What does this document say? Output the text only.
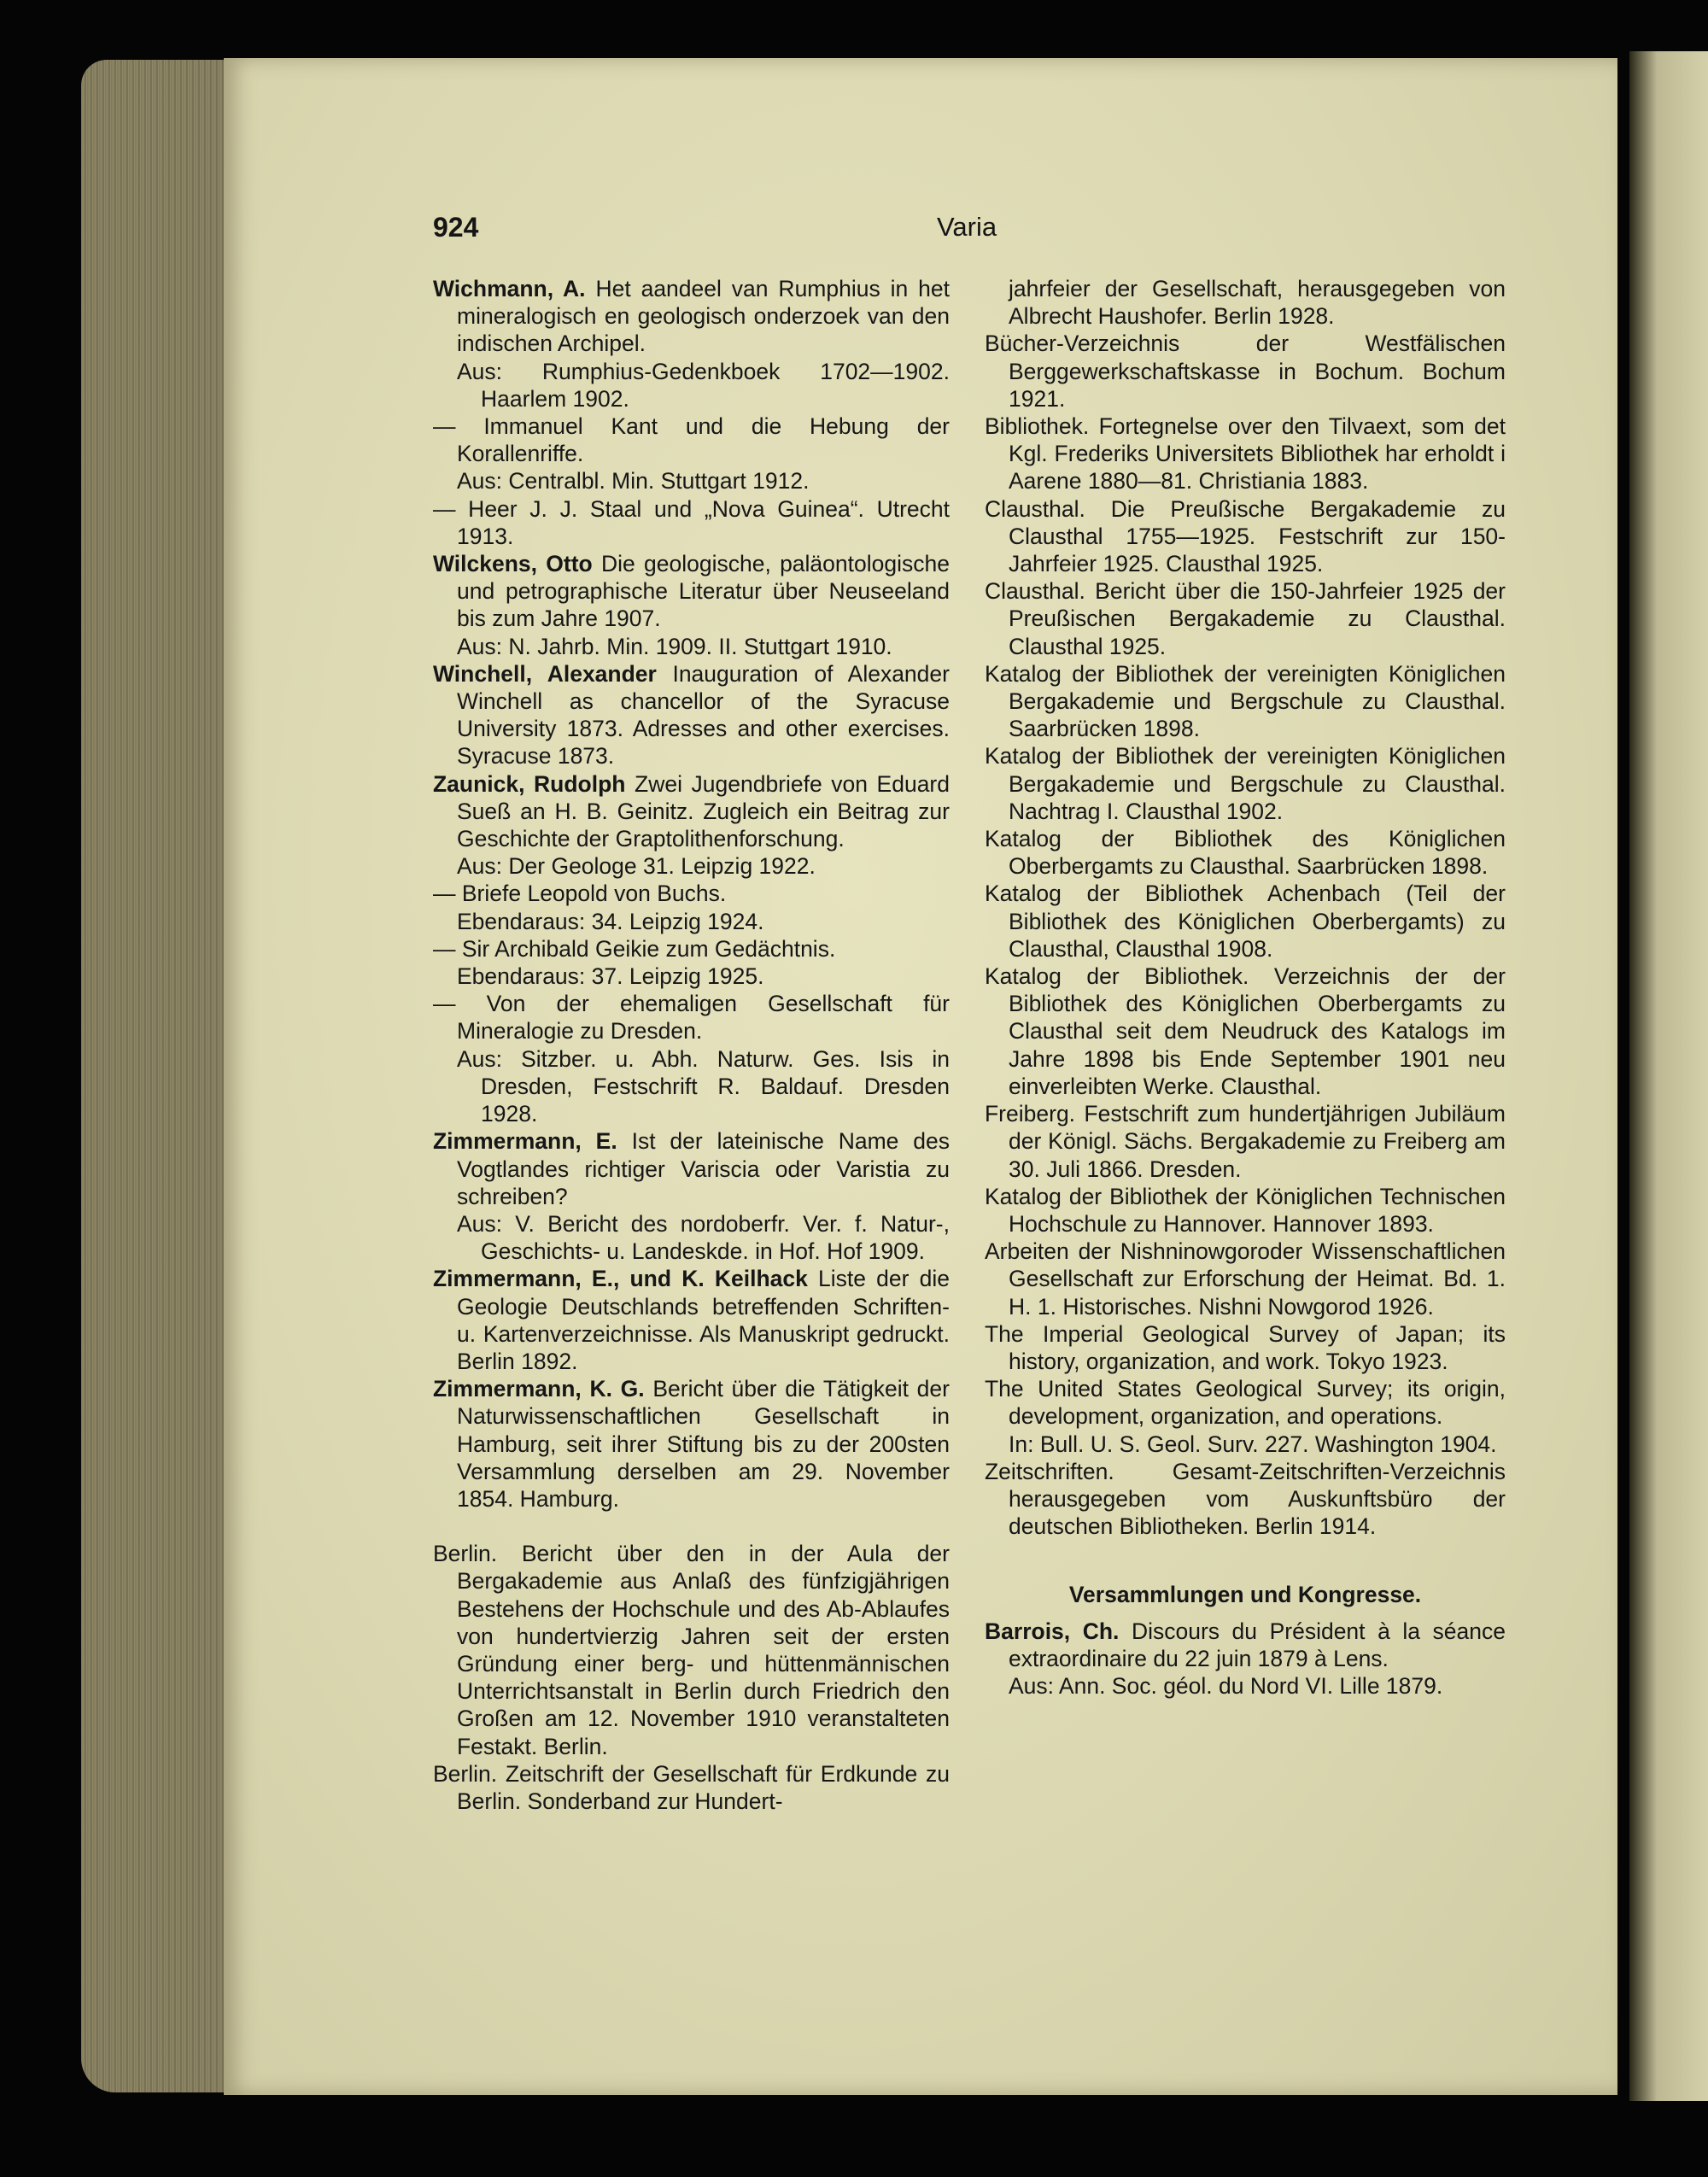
924	Varia

Wichmann, A. Het aandeel van Rumphius in het mineralogisch en geologisch onderzoek van den indischen Archipel.

Aus: Rumphius-Gedenkboek 1702—1902. Haarlem 1902.

— Immanuel Kant und die Hebung der Korallenriffe.

Aus: Centralbl. Min. Stuttgart 1912.

— Heer J. J. Staal und „Nova Guinea“. Utrecht 1913.

Wilckens, Otto Die geologische, paläontologische und petrographische Literatur über Neuseeland bis zum Jahre 1907.

Aus: N. Jahrb. Min. 1909. II. Stuttgart 1910.

Winchell, Alexander Inauguration of Alexander Winchell as chancellor of the Syracuse University 1873. Adresses and other exercises. Syracuse 1873.

Zaunick, Rudolph Zwei Jugendbriefe von Eduard Sueß an H. B. Geinitz. Zugleich ein Beitrag zur Geschichte der Graptolithenforschung.

Aus: Der Geologe 31. Leipzig 1922.

— Briefe Leopold von Buchs.

Ebendaraus: 34. Leipzig 1924.

— Sir Archibald Geikie zum Gedächtnis.

Ebendaraus: 37. Leipzig 1925.

— Von der ehemaligen Gesellschaft für Mineralogie zu Dresden.

Aus: Sitzber. u. Abh. Naturw. Ges. Isis in Dresden, Festschrift R. Baldauf. Dresden 1928.

Zimmermann, E. Ist der lateinische Name des Vogtlandes richtiger Variscia oder Varistia zu schreiben?

Aus: V. Bericht des nordoberfr. Ver. f. Natur-, Geschichts- u. Landeskde. in Hof. Hof 1909.

Zimmermann, E., und K. Keilhack Liste der die Geologie Deutschlands betreffenden Schriften- u. Kartenverzeichnisse. Als Manuskript gedruckt. Berlin 1892.

Zimmermann, K. G. Bericht über die Tätigkeit der Naturwissenschaftlichen Gesellschaft in Hamburg, seit ihrer Stiftung bis zu der 200sten Versammlung derselben am 29. November 1854. Hamburg.

Berlin. Bericht über den in der Aula der Bergakademie aus Anlaß des fünfzigjährigen Bestehens der Hochschule und des Ab-Ablaufes von hundertvierzig Jahren seit der ersten Gründung einer berg- und hüttenmännischen Unterrichtsanstalt in Berlin durch Friedrich den Großen am 12. November 1910 veranstalteten Festakt. Berlin.

Berlin. Zeitschrift der Gesellschaft für Erdkunde zu Berlin. Sonderband zur Hundert-

jahrfeier der Gesellschaft, herausgegeben von Albrecht Haushofer. Berlin 1928.

Bücher-Verzeichnis der Westfälischen Berggewerkschaftskasse in Bochum. Bochum 1921.

Bibliothek. Fortegnelse over den Tilvaext, som det Kgl. Frederiks Universitets Bibliothek har erholdt i Aarene 1880—81. Christiania 1883.

Clausthal. Die Preußische Bergakademie zu Clausthal 1755—1925. Festschrift zur 150-Jahrfeier 1925. Clausthal 1925.

Clausthal. Bericht über die 150-Jahrfeier 1925 der Preußischen Bergakademie zu Clausthal. Clausthal 1925.

Katalog der Bibliothek der vereinigten Königlichen Bergakademie und Bergschule zu Clausthal. Saarbrücken 1898.

Katalog der Bibliothek der vereinigten Königlichen Bergakademie und Bergschule zu Clausthal. Nachtrag I. Clausthal 1902.

Katalog der Bibliothek des Königlichen Oberbergamts zu Clausthal. Saarbrücken 1898.

Katalog der Bibliothek Achenbach (Teil der Bibliothek des Königlichen Oberbergamts) zu Clausthal, Clausthal 1908.

Katalog der Bibliothek. Verzeichnis der der Bibliothek des Königlichen Oberbergamts zu Clausthal seit dem Neudruck des Katalogs im Jahre 1898 bis Ende September 1901 neu einverleibten Werke. Clausthal.

Freiberg. Festschrift zum hundertjährigen Jubiläum der Königl. Sächs. Bergakademie zu Freiberg am 30. Juli 1866. Dresden.

Katalog der Bibliothek der Königlichen Technischen Hochschule zu Hannover. Hannover 1893.

Arbeiten der Nishninowgoroder Wissenschaftlichen Gesellschaft zur Erforschung der Heimat. Bd. 1. H. 1. Historisches. Nishni Nowgorod 1926.

The Imperial Geological Survey of Japan; its history, organization, and work. Tokyo 1923.

The United States Geological Survey; its origin, development, organization, and operations.

In: Bull. U. S. Geol. Surv. 227. Washington 1904.

Zeitschriften. Gesamt-Zeitschriften-Verzeichnis herausgegeben vom Auskunftsbüro der deutschen Bibliotheken. Berlin 1914.

Versammlungen und Kongresse.

Barrois, Ch. Discours du Président à la séance extraordinaire du 22 juin 1879 à Lens.

Aus: Ann. Soc. géol. du Nord VI. Lille 1879.
